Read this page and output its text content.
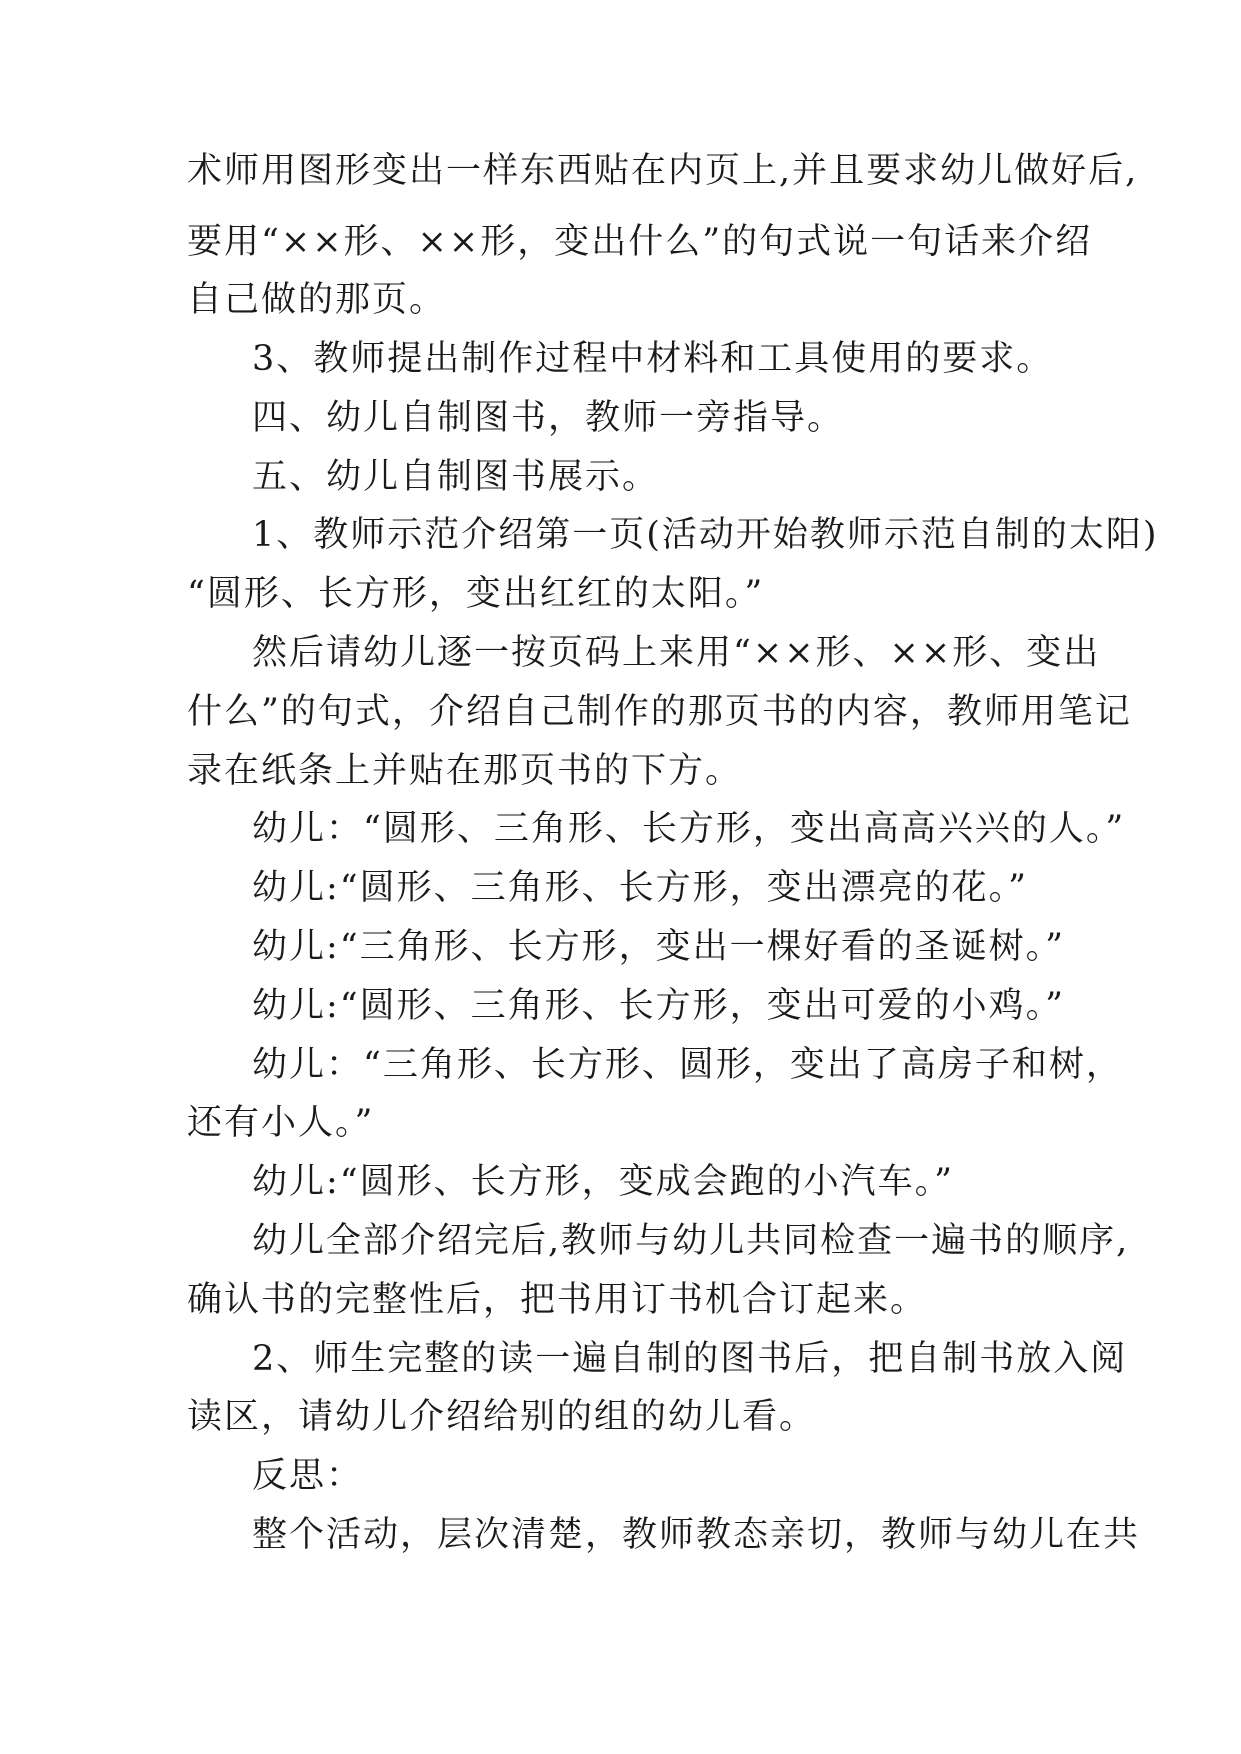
术师用图形变出一样东西贴在内页上,并且要求幼儿做好后,
要用“××形、××形，变出什么”的句式说一句话来介绍
自己做的那页。
3、教师提出制作过程中材料和工具使用的要求。
四、幼儿自制图书，教师一旁指导。
五、幼儿自制图书展示。
1、教师示范介绍第一页(活动开始教师示范自制的太阳)
“圆形、长方形，变出红红的太阳。”
然后请幼儿逐一按页码上来用“××形、××形、变出
什么”的句式，介绍自己制作的那页书的内容，教师用笔记
录在纸条上并贴在那页书的下方。
幼儿：“圆形、三角形、长方形，变出高高兴兴的人。”
幼儿:“圆形、三角形、长方形，变出漂亮的花。”
幼儿:“三角形、长方形，变出一棵好看的圣诞树。”
幼儿:“圆形、三角形、长方形，变出可爱的小鸡。”
幼儿：“三角形、长方形、圆形，变出了高房子和树，
还有小人。”
幼儿:“圆形、长方形，变成会跑的小汽车。”
幼儿全部介绍完后,教师与幼儿共同检查一遍书的顺序,
确认书的完整性后，把书用订书机合订起来。
2、师生完整的读一遍自制的图书后，把自制书放入阅
读区，请幼儿介绍给别的组的幼儿看。
反思：
整个活动，层次清楚，教师教态亲切，教师与幼儿在共
